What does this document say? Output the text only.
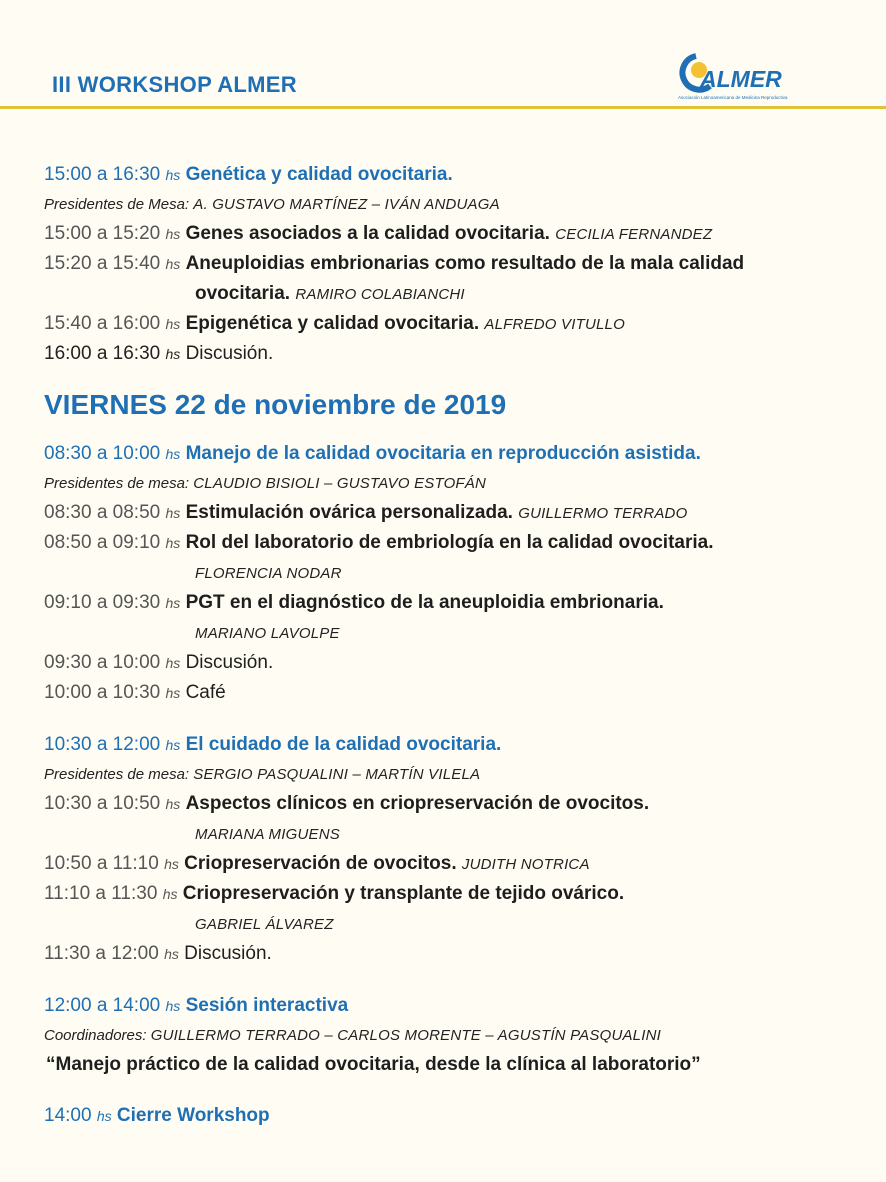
III WORKSHOP ALMER	ALMER
Asociación Latinoamericana de Medicina Reproductiva
15:00 a 16:30 hs Genética y calidad ovocitaria.
Presidentes de Mesa: A. GUSTAVO MARTÍNEZ – IVÁN ANDUAGA
15:00 a 15:20 hs Genes asociados a la calidad ovocitaria. CECILIA FERNANDEZ
15:20 a 15:40 hs Aneuploidias embrionarias como resultado de la mala calidad
ovocitaria. RAMIRO COLABIANCHI
15:40 a 16:00 hs Epigenética y calidad ovocitaria. ALFREDO VITULLO
16:00 a 16:30 hs Discusión.
VIERNES 22 de noviembre de 2019
08:30 a 10:00 hs Manejo de la calidad ovocitaria en reproducción asistida.
Presidentes de mesa: CLAUDIO BISIOLI – GUSTAVO ESTOFÁN
08:30 a 08:50 hs Estimulación ovárica personalizada. GUILLERMO TERRADO
08:50 a 09:10 hs Rol del laboratorio de embriología en la calidad ovocitaria.
FLORENCIA NODAR
09:10 a 09:30 hs PGT en el diagnóstico de la aneuploidia embrionaria.
MARIANO LAVOLPE
09:30 a 10:00 hs Discusión.
10:00 a 10:30 hs Café
10:30 a 12:00 hs El cuidado de la calidad ovocitaria.
Presidentes de mesa: SERGIO PASQUALINI – MARTÍN VILELA
10:30 a 10:50 hs Aspectos clínicos en criopreservación de ovocitos.
MARIANA MIGUENS
10:50 a 11:10 hs Criopreservación de ovocitos. JUDITH NOTRICA
11:10 a 11:30 hs Criopreservación y transplante de tejido ovárico.
GABRIEL ÁLVAREZ
11:30 a 12:00 hs Discusión.
12:00 a 14:00 hs Sesión interactiva
Coordinadores: GUILLERMO TERRADO – CARLOS MORENTE – AGUSTÍN PASQUALINI
“Manejo práctico de la calidad ovocitaria, desde la clínica al laboratorio”
14:00 hs Cierre Workshop
